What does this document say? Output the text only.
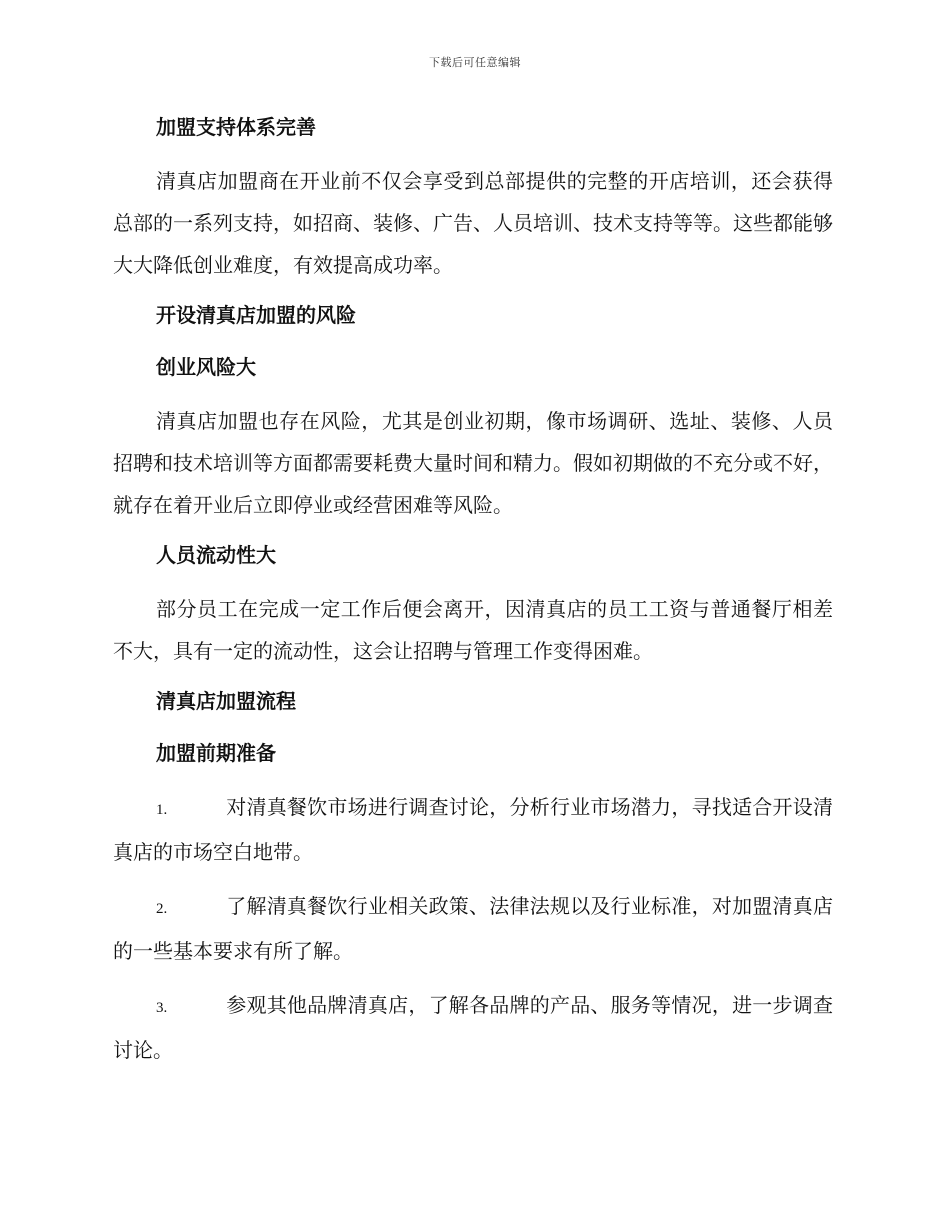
下载后可任意编辑
加盟支持体系完善

清真店加盟商在开业前不仅会享受到总部提供的完整的开店培训，还会获得总部的一系列支持，如招商、装修、广告、人员培训、技术支持等等。这些都能够大大降低创业难度，有效提高成功率。

开设清真店加盟的风险
创业风险大

清真店加盟也存在风险，尤其是创业初期，像市场调研、选址、装修、人员招聘和技术培训等方面都需要耗费大量时间和精力。假如初期做的不充分或不好，就存在着开业后立即停业或经营困难等风险。

人员流动性大

部分员工在完成一定工作后便会离开，因清真店的员工工资与普通餐厅相差不大，具有一定的流动性，这会让招聘与管理工作变得困难。

清真店加盟流程
加盟前期准备
1.	对清真餐饮市场进行调查讨论，分析行业市场潜力，寻找适合开设清真店的市场空白地带。
2.	了解清真餐饮行业相关政策、法律法规以及行业标准，对加盟清真店的一些基本要求有所了解。
3.	参观其他品牌清真店，了解各品牌的产品、服务等情况，进一步调查讨论。
